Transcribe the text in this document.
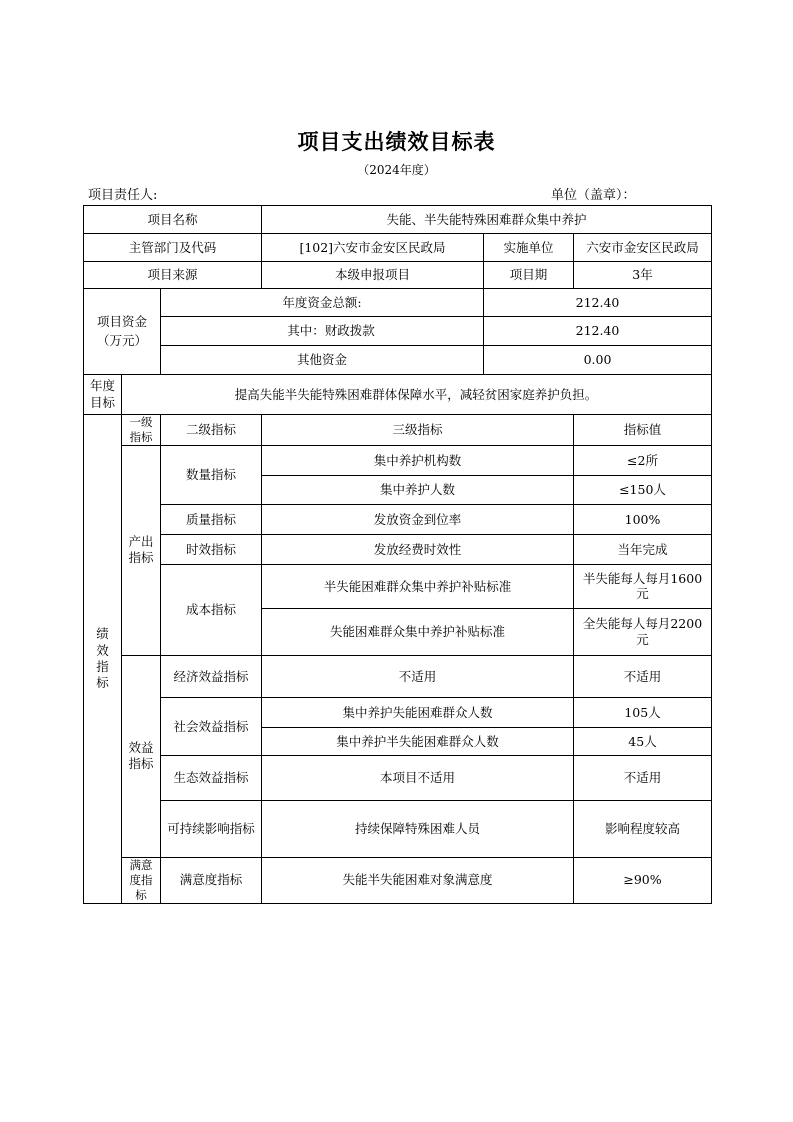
项目支出绩效目标表
（2024年度）
项目责任人:	单位（盖章）：
项目名称			失能、半失能特殊困难群众集中养护		
主管部门及代码			[102]六安市金安区民政局	实施单位	六安市金安区民政局
项目来源			本级申报项目	项目期	3年

项目资金（万元）		年度资金总额:		212.40	
		其中：财政拨款		212.40	
		其他资金		0.00	

年度目标	提高失能半失能特殊困难群体保障水平，减轻贫困家庭养护负担。				

绩效指标	一级指标	二级指标	三级指标		指标值

	产出指标	数量指标	集中养护机构数		≤2所
			集中养护人数		≤150人
		质量指标	发放资金到位率		100%
		时效指标	发放经费时效性		当年完成
		成本指标	半失能困难群众集中养护补贴标准		半失能每人每月1600元
			失能困难群众集中养护补贴标准		全失能每人每月2200元

	效益指标	经济效益指标	不适用		不适用
		社会效益指标	集中养护失能困难群众人数		105人
			集中养护半失能困难群众人数		45人
		生态效益指标	本项目不适用		不适用
		可持续影响指标	持续保障特殊困难人员		影响程度较高

	满意度指标	满意度指标	失能半失能困难对象满意度		≥90%
